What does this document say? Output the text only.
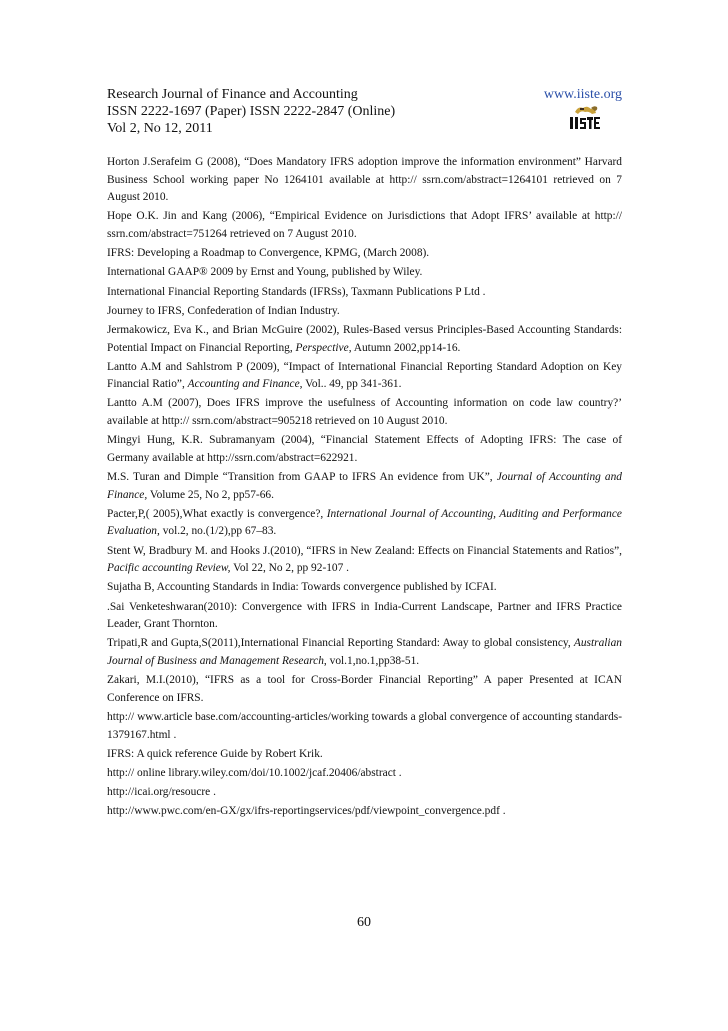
Research Journal of Finance and Accounting	www.iiste.org
ISSN 2222-1697 (Paper) ISSN 2222-2847 (Online)
Vol 2, No 12, 2011

Horton J.Serafeim G (2008), “Does Mandatory IFRS adoption improve the information environment” Harvard Business School working paper No 1264101 available at http:// ssrn.com/abstract=1264101 retrieved on 7 August 2010.

Hope O.K. Jin and Kang (2006), “Empirical Evidence on Jurisdictions that Adopt IFRS’ available at http:// ssrn.com/abstract=751264 retrieved on 7 August 2010.

IFRS: Developing a Roadmap to Convergence, KPMG, (March 2008).

International GAAP® 2009 by Ernst and Young, published by Wiley.

International Financial Reporting Standards (IFRSs), Taxmann Publications P Ltd .

Journey to IFRS, Confederation of Indian Industry.

Jermakowicz, Eva K., and Brian McGuire (2002), Rules-Based versus Principles-Based Accounting Standards: Potential Impact on Financial Reporting, Perspective, Autumn 2002,pp14-16.

Lantto A.M and Sahlstrom P (2009), “Impact of International Financial Reporting Standard Adoption on Key Financial Ratio”, Accounting and Finance, Vol.. 49, pp 341-361.

Lantto A.M (2007), Does IFRS improve the usefulness of Accounting information on code law country?’ available at http:// ssrn.com/abstract=905218 retrieved on 10 August 2010.

Mingyi Hung, K.R. Subramanyam (2004), “Financial Statement Effects of Adopting IFRS: The case of Germany available at http://ssrn.com/abstract=622921.

M.S. Turan and Dimple “Transition from GAAP to IFRS An evidence from UK”, Journal of Accounting and Finance, Volume 25, No 2, pp57-66.

Pacter,P,( 2005),What exactly is convergence?, International Journal of Accounting, Auditing and Performance Evaluation, vol.2, no.(1/2),pp 67–83.

Stent W, Bradbury M. and Hooks J.(2010), “IFRS in New Zealand: Effects on Financial Statements and Ratios”, Pacific accounting Review, Vol 22, No 2, pp 92-107 .

Sujatha B, Accounting Standards in India: Towards convergence published by ICFAI.

.Sai Venketeshwaran(2010): Convergence with IFRS in India-Current Landscape, Partner and IFRS Practice Leader, Grant Thornton.

Tripati,R and Gupta,S(2011),International Financial Reporting Standard: Away to global consistency, Australian Journal of Business and Management Research, vol.1,no.1,pp38-51.

Zakari, M.I.(2010), “IFRS as a tool for Cross-Border Financial Reporting” A paper Presented at ICAN Conference on IFRS.

http:// www.article base.com/accounting-articles/working towards a global convergence of accounting standards-1379167.html .

IFRS: A quick reference Guide by Robert Krik.

http:// online library.wiley.com/doi/10.1002/jcaf.20406/abstract .

http://icai.org/resoucre .

http://www.pwc.com/en-GX/gx/ifrs-reportingservices/pdf/viewpoint_convergence.pdf .

60
